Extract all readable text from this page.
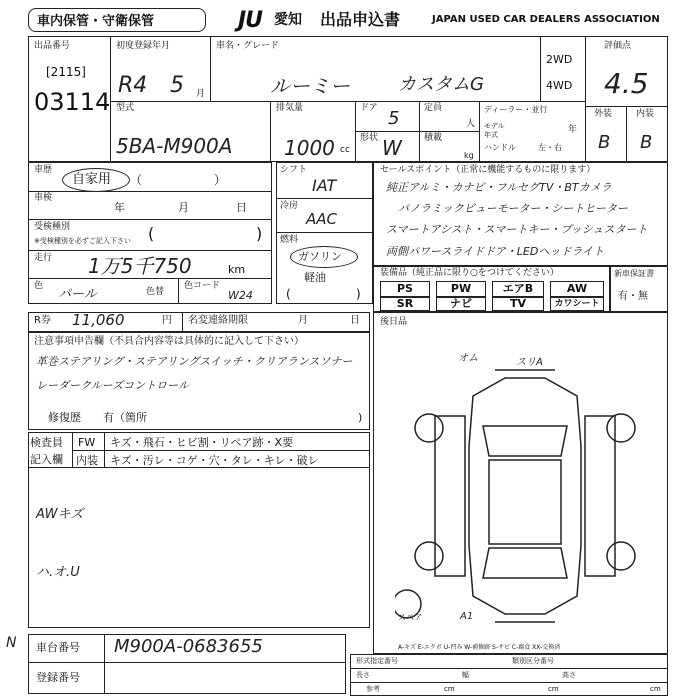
車内保管・守衛保管	JU 愛知 出品申込書	JAPAN USED CAR DEALERS ASSOCIATION
出品番号
[2115]
03114
初度登録年月
R4 5 月
車名・グレード
ルーミー	カスタムG
2WD
4WD
評価点
4.5
外装	内装
B B
型式
5BA-M900A
排気量
1000 cc
ドア 5
形状 W
定員
人
積載
kg
ディーラー・並行
モデル
年式	年
ハンドル	左・右
車歴
自家用 （　　　　　　）
車検
年	月	日
受検種別
※受検種別を必ずご記入下さい (	)
走行 1万5千750	km
色
パール	色替
色コード
W24
シフト
IAT
冷房
AAC
燃料
ガソリン
軽油
(	)
セールスポイント（正常に機能するものに限ります）
純正アルミ・カナビ・フルセグTV・BTカメラ
パノラミックビューモーター・シートヒーター
スマートアシスト・スマートキー・プッシュスタート
両側パワースライドドア・LEDヘッドライト
装備品（純正品に限り○をつけてください）
PS	PW	エアB	AW
SR	ナビ	TV	カワシート
新車保証書
有・無
R券 11,060	円 名変連絡期限	月	日 後日品
注意事項申告欄（不具合内容等は具体的に記入して下さい）
革巻ステアリング・ステアリングスイッチ・クリアランスソナー
レーダークルーズコントロール
修復歴　　有（箇所	)
検査員
記入欄
FW キズ・飛石・ヒビ割・リペア跡・X要
内装 キズ・汚レ・コゲ・穴・タレ・キレ・破レ
AWキズ
ハ.オ.U
オム	スリA
A1
スペア
A-キズ E-エクボ U-凹み W-補修跡 S-サビ C-腐食 XX-交換済
N 車台番号 M900A-0683655
登録番号
形式指定番号	類別区分番号
長さ	幅	高さ
参考	cm	cm	cm
